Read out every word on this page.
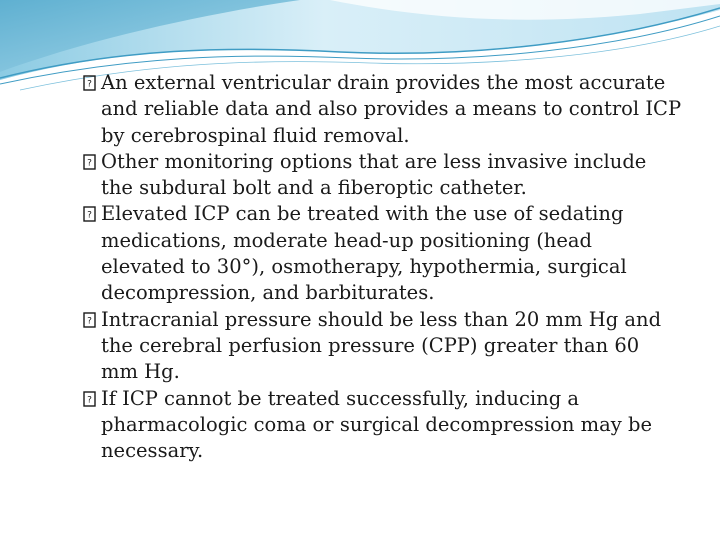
? An external ventricular drain provides the most accurate and reliable data and also provides a means to control ICP by cerebrospinal fluid removal.

? Other monitoring options that are less invasive include the subdural bolt and a fiberoptic catheter.

? Elevated ICP can be treated with the use of sedating medications, moderate head-up positioning (head elevated to 30°), osmotherapy, hypothermia, surgical decompression, and barbiturates.

? Intracranial pressure should be less than 20 mm Hg and the cerebral perfusion pressure (CPP) greater than 60 mm Hg.

? If ICP cannot be treated successfully, inducing a pharmacologic coma or surgical decompression may be necessary.
